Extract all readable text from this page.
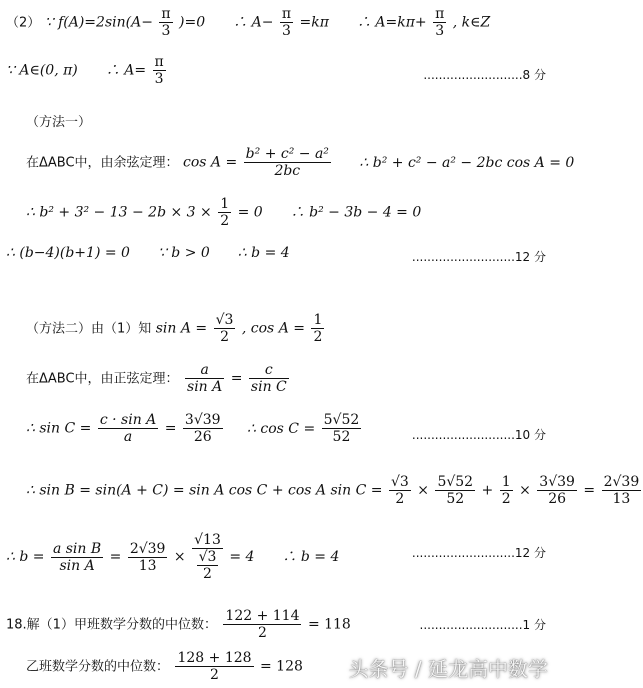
（2） ∵ $f(A)=2\sin(A- \frac{\pi}{3} )=0$　　∴ $A- \frac{\pi}{3} =k\pi$　　∴ $A=k\pi+ \frac{\pi}{3}$ , k∈Z
∵ A∈(0, π)　　∴ $A= \frac{\pi}{3}$	..........................8 分
（方法一）
在ΔABC中，由余弦定理： $\cos A = \frac{\text{b² + c² − a²}}{2bc}$ ∴ b² + c² − a² − 2bc cos A = 0
∴ $b^2 + 3^2 - 13 - 2b \times 3 \times \frac{1}{2} = 0$　　∴ b² − 3b − 4 = 0
∴ (b−4)(b+1) = 0　　∵ b > 0　　∴ b = 4	...........................12 分
（方法二）由（1）知 $\sin A = \frac{√3}{2}$ , $\cos A = \frac{1}{2}$
在ΔABC中，由正弦定理： $\frac{a}{\text{sin A}} = \frac{c}{\text{sin C}}$
∴ $\sin C = \frac{\text{c · sin A}}{a} = \frac{3√39}{26}$ ∴ $\cos C = \frac{5√52}{52}$	...........................10 分
∴ sin B = sin(A + C) = sin A cos C + cos A $\sin C = \frac{√3}{2} \times \frac{5√52}{52} + \frac{1}{2} \times \frac{3√39}{26} = \frac{2√39}{13}$
∴ $b = \frac{\text{a sin B}}{\text{sin A}} = \frac{2√39}{13} \times \frac{√13}{\frac{√3}{2}} = 4$　　∴ b = 4	...........................12 分
18.解（1）甲班数学分数的中位数： $\frac{122 + 114}{2} = 118$	...........................1 分
乙班数学分数的中位数： $\frac{128 + 128}{2} = 128$ 头条号 / 延龙高中数学
